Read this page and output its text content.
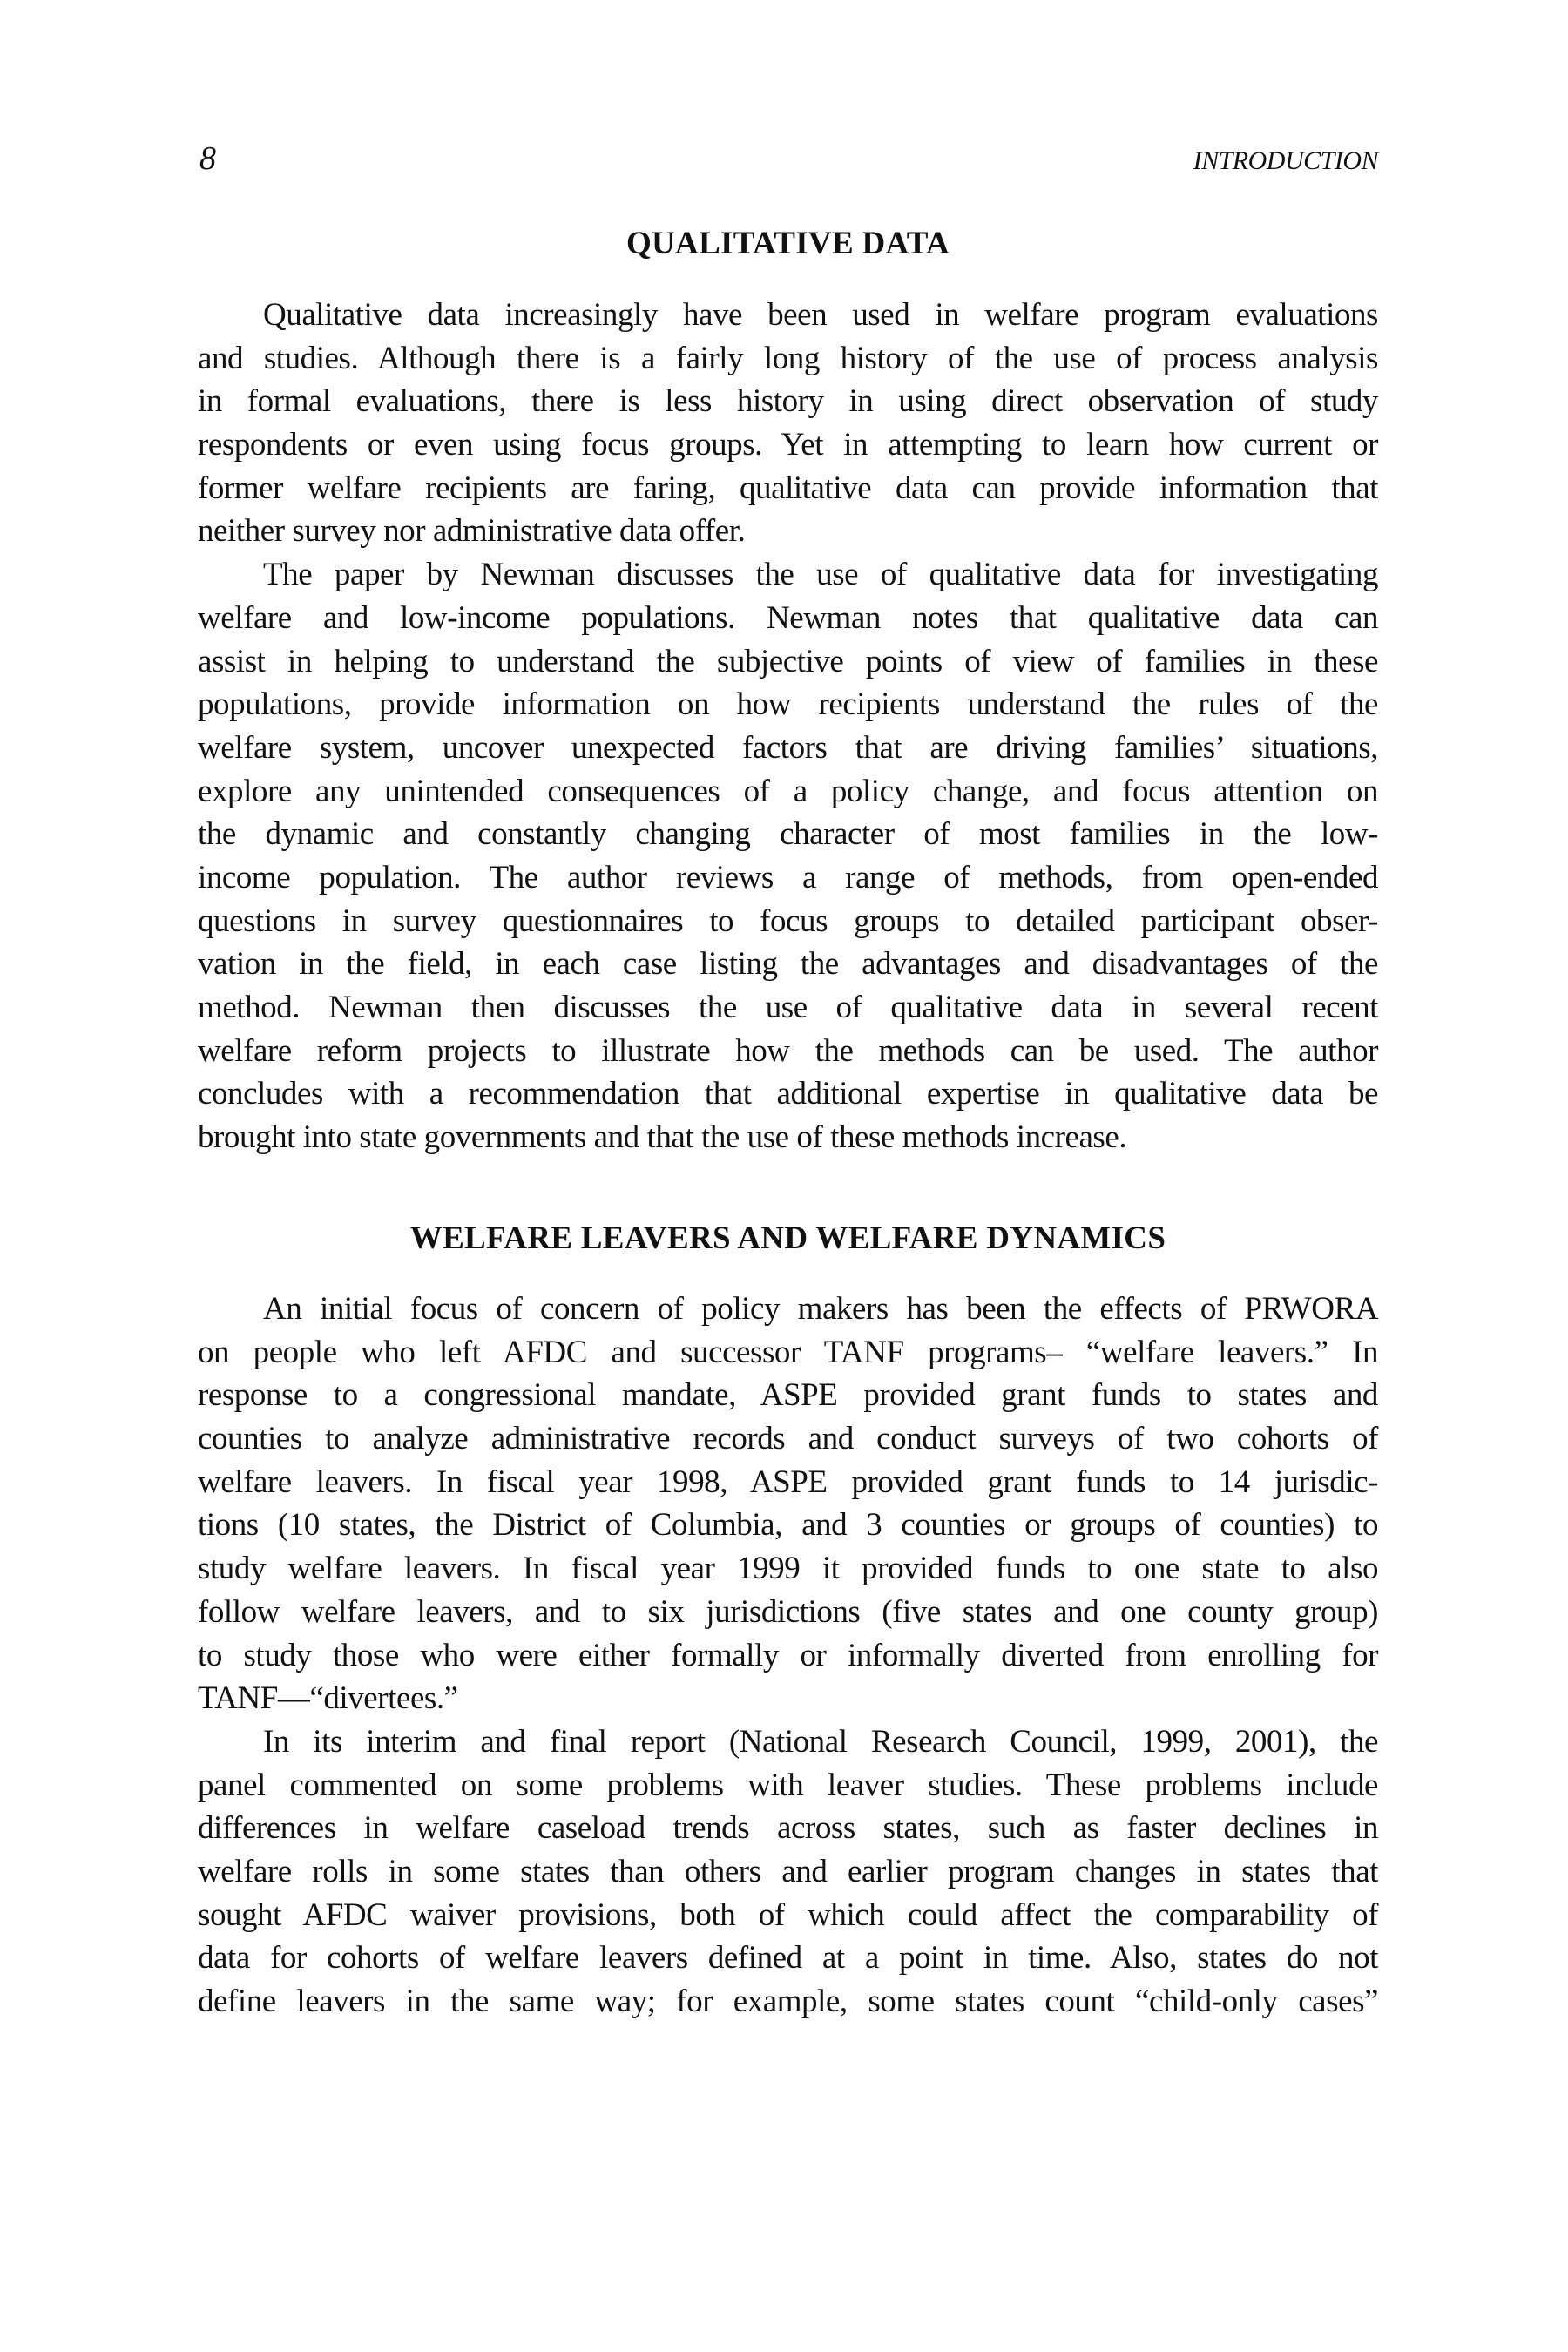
8	INTRODUCTION
QUALITATIVE DATA
Qualitative data increasingly have been used in welfare program evaluations
and studies. Although there is a fairly long history of the use of process analysis
in formal evaluations, there is less history in using direct observation of study
respondents or even using focus groups. Yet in attempting to learn how current or
former welfare recipients are faring, qualitative data can provide information that
neither survey nor administrative data offer.
The paper by Newman discusses the use of qualitative data for investigating
welfare and low-income populations. Newman notes that qualitative data can
assist in helping to understand the subjective points of view of families in these
populations, provide information on how recipients understand the rules of the
welfare system, uncover unexpected factors that are driving families’ situations,
explore any unintended consequences of a policy change, and focus attention on
the dynamic and constantly changing character of most families in the low-
income population. The author reviews a range of methods, from open-ended
questions in survey questionnaires to focus groups to detailed participant obser-
vation in the field, in each case listing the advantages and disadvantages of the
method. Newman then discusses the use of qualitative data in several recent
welfare reform projects to illustrate how the methods can be used. The author
concludes with a recommendation that additional expertise in qualitative data be
brought into state governments and that the use of these methods increase.
WELFARE LEAVERS AND WELFARE DYNAMICS
An initial focus of concern of policy makers has been the effects of PRWORA
on people who left AFDC and successor TANF programs– “welfare leavers.” In
response to a congressional mandate, ASPE provided grant funds to states and
counties to analyze administrative records and conduct surveys of two cohorts of
welfare leavers. In fiscal year 1998, ASPE provided grant funds to 14 jurisdic-
tions (10 states, the District of Columbia, and 3 counties or groups of counties) to
study welfare leavers. In fiscal year 1999 it provided funds to one state to also
follow welfare leavers, and to six jurisdictions (five states and one county group)
to study those who were either formally or informally diverted from enrolling for
TANF—“divertees.”
In its interim and final report (National Research Council, 1999, 2001), the
panel commented on some problems with leaver studies. These problems include
differences in welfare caseload trends across states, such as faster declines in
welfare rolls in some states than others and earlier program changes in states that
sought AFDC waiver provisions, both of which could affect the comparability of
data for cohorts of welfare leavers defined at a point in time. Also, states do not
define leavers in the same way; for example, some states count “child-only cases”
